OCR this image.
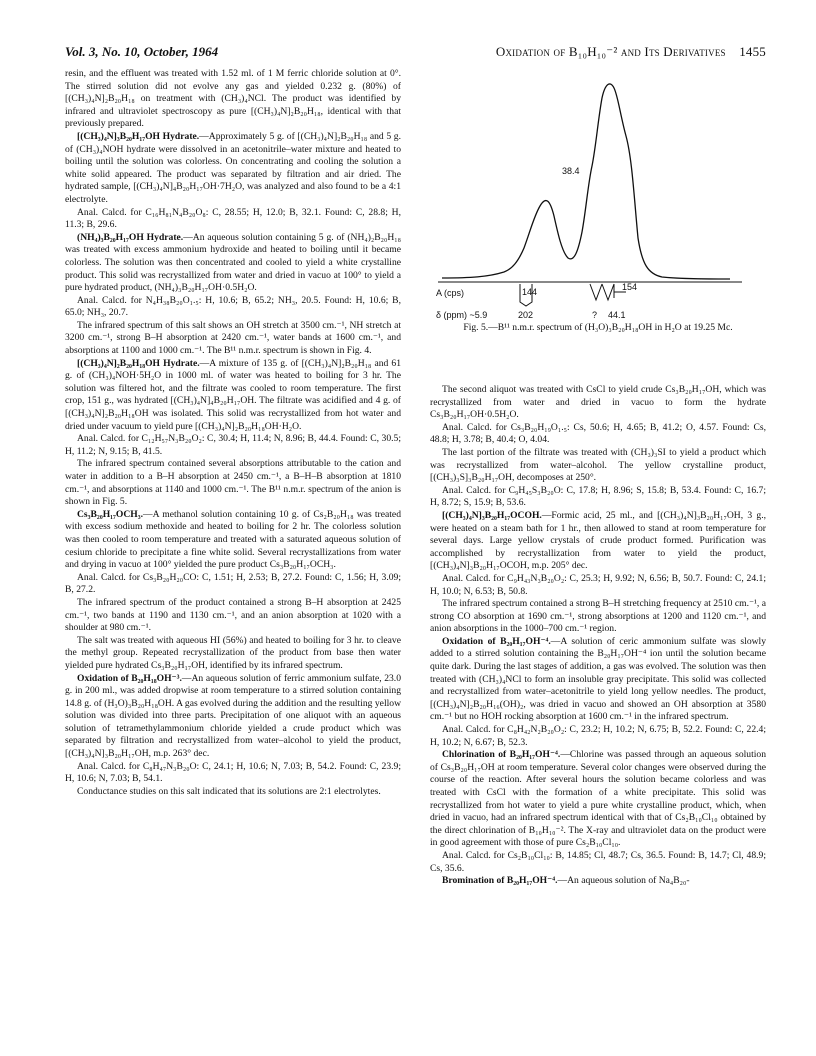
Vol. 3, No. 10, October, 1964	Oxidation of B₁₀H₁₀⁻² and Its Derivatives 1455

resin, and the effluent was treated with 1.52 ml. of 1 M ferric chloride solution at 0°. The stirred solution did not evolve any gas and yielded 0.232 g. (80%) of [(CH₃)₄N]₂B₂₀H₁₈ on treatment with (CH₃)₄NCl. The product was identified by infrared and ultraviolet spectroscopy as pure [(CH₃)₄N]₂B₂₀H₁₈, identical with that previously prepared.

[(CH₃)₄N]₃B₂₀H₁₇OH Hydrate.—Approximately 5 g. of [(CH₃)₄N]₂B₂₀H₁₈ and 5 g. of (CH₃)₄NOH hydrate were dissolved in an acetonitrile–water mixture and heated to boiling until the solution was colorless. On concentrating and cooling the solution a white solid appeared. The product was separated by filtration and air dried. The hydrated sample, [(CH₃)₄N]₄B₂₀H₁₇OH·7H₂O, was analyzed and also found to be a 4:1 electrolyte.

Anal. Calcd. for C₁₆H₈₁N₄B₂₀O₈: C, 28.55; H, 12.0; B, 32.1. Found: C, 28.8; H, 11.3; B, 29.6.

(NH₄)₃B₂₀H₁₇OH Hydrate.—An aqueous solution containing 5 g. of (NH₄)₂B₂₀H₁₈ was treated with excess ammonium hydroxide and heated to boiling until it became colorless. The solution was then concentrated and cooled to yield a white crystalline product. This solid was recrystallized from water and dried in vacuo at 100° to yield a pure hydrated product, (NH₄)₃B₂₀H₁₇OH·0.5H₂O.

Anal. Calcd. for N₄H₃₈B₂₀O₁.₅: H, 10.6; B, 65.2; NH₃, 20.5. Found: H, 10.6; B, 65.0; NH₃, 20.7.

The infrared spectrum of this salt shows an OH stretch at 3500 cm.⁻¹, NH stretch at 3200 cm.⁻¹, strong B–H absorption at 2420 cm.⁻¹, water bands at 1600 cm.⁻¹, and absorptions at 1100 and 1000 cm.⁻¹. The B¹¹ n.m.r. spectrum is shown in Fig. 4.

[(CH₃)₄N]₂B₂₀H₁₈OH Hydrate.—A mixture of 135 g. of [(CH₃)₄N]₂B₂₀H₁₈ and 61 g. of (CH₃)₄NOH·5H₂O in 1000 ml. of water was heated to boiling for 3 hr. The solution was filtered hot, and the filtrate was cooled to room temperature. The first crop, 151 g., was hydrated [(CH₃)₄N]₄B₂₀H₁₇OH. The filtrate was acidified and 4 g. of [(CH₃)₄N]₂B₂₀H₁₈OH was isolated. This solid was recrystallized from hot water and dried under vacuum to yield pure [(CH₃)₄N]₂B₂₀H₁₈OH·H₂O.

Anal. Calcd. for C₁₂H₅₇N₃B₂₀O₂: C, 30.4; H, 11.4; N, 8.96; B, 44.4. Found: C, 30.5; H, 11.2; N, 9.15; B, 41.5.

The infrared spectrum contained several absorptions attributable to the cation and water in addition to a B–H absorption at 2450 cm.⁻¹, a B–H–B absorption at 1810 cm.⁻¹, and absorptions at 1140 and 1000 cm.⁻¹. The B¹¹ n.m.r. spectrum of the anion is shown in Fig. 5.

Cs₃B₂₀H₁₇OCH₃.—A methanol solution containing 10 g. of Cs₂B₂₀H₁₈ was treated with excess sodium methoxide and heated to boiling for 2 hr. The colorless solution was then cooled to room temperature and treated with a saturated aqueous solution of cesium chloride to precipitate a fine white solid. Several recrystallizations from water and drying in vacuo at 100° yielded the pure product Cs₃B₂₀H₁₇OCH₃.

Anal. Calcd. for Cs₃B₂₀H₂₀CO: C, 1.51; H, 2.53; B, 27.2. Found: C, 1.56; H, 3.09; B, 27.2.

The infrared spectrum of the product contained a strong B–H absorption at 2425 cm.⁻¹, two bands at 1190 and 1130 cm.⁻¹, and an anion absorption at 1020 with a shoulder at 980 cm.⁻¹.

The salt was treated with aqueous HI (56%) and heated to boiling for 3 hr. to cleave the methyl group. Repeated recrystallization of the product from base then water yielded pure hydrated Cs₃B₂₀H₁₇OH, identified by its infrared spectrum.

Oxidation of B₂₀H₁₈OH⁻³.—An aqueous solution of ferric ammonium sulfate, 23.0 g. in 200 ml., was added dropwise at room temperature to a stirred solution containing 14.8 g. of (H₃O)₃B₂₀H₁₈OH. A gas evolved during the addition and the resulting yellow solution was divided into three parts. Precipitation of one aliquot with an aqueous solution of tetramethylammonium chloride yielded a crude product which was separated by filtration and recrystallized from water–alcohol to yield the product, [(CH₃)₄N]₃B₂₀H₁₇OH, m.p. 263° dec.

Anal. Calcd. for C₈H₄₇N₃B₂₀O: C, 24.1; H, 10.6; N, 7.03; B, 54.2. Found: C, 23.9; H, 10.6; N, 7.03; B, 54.1.

Conductance studies on this salt indicated that its solutions are 2:1 electrolytes.

38.4
A (cps)	144	154
δ (ppm) ~5.9	202	? 44.1
Fig. 5.—B¹¹ n.m.r. spectrum of (H₃O)₃B₂₀H₁₈OH in H₂O at 19.25 Mc.

The second aliquot was treated with CsCl to yield crude Cs₃B₂₀H₁₇OH, which was recrystallized from water and dried in vacuo to form the hydrate Cs₃B₂₀H₁₇OH·0.5H₂O.

Anal. Calcd. for Cs₃B₂₀H₁₉O₁.₅: Cs, 50.6; H, 4.65; B, 41.2; O, 4.57. Found: Cs, 48.8; H, 3.78; B, 40.4; O, 4.04.

The last portion of the filtrate was treated with (CH₃)₃SI to yield a product which was recrystallized from water–alcohol. The yellow crystalline product, [(CH₃)₃S]₃B₂₀H₁₇OH, decomposes at 250°.

Anal. Calcd. for C₉H₄₅S₃B₂₀O: C, 17.8; H, 8.96; S, 15.8; B, 53.4. Found: C, 16.7; H, 8.72; S, 15.9; B, 53.6.

[(CH₃)₄N]₃B₂₀H₁₇OCOH.—Formic acid, 25 ml., and [(CH₃)₄N]₃B₂₀H₁₇OH, 3 g., were heated on a steam bath for 1 hr., then allowed to stand at room temperature for several days. Large yellow crystals of crude product formed. Purification was accomplished by recrystallization from water to yield the product, [(CH₃)₄N]₃B₂₀H₁₇OCOH, m.p. 205° dec.

Anal. Calcd. for C₉H₄₃N₃B₂₀O₂: C, 25.3; H, 9.92; N, 6.56; B, 50.7. Found: C, 24.1; H, 10.0; N, 6.53; B, 50.8.

The infrared spectrum contained a strong B–H stretching frequency at 2510 cm.⁻¹, a strong CO absorption at 1690 cm.⁻¹, strong absorptions at 1200 and 1120 cm.⁻¹, and anion absorptions in the 1000–700 cm.⁻¹ region.

Oxidation of B₂₀H₁₇OH⁻⁴.—A solution of ceric ammonium sulfate was slowly added to a stirred solution containing the B₂₀H₁₇OH⁻⁴ ion until the solution became quite dark. During the last stages of addition, a gas was evolved. The solution was then treated with (CH₃)₄NCl to form an insoluble gray precipitate. This solid was collected and recrystallized from water–acetonitrile to yield long yellow needles. The product, [(CH₃)₄N]₂B₂₀H₁₆(OH)₂, was dried in vacuo and showed an OH absorption at 3580 cm.⁻¹ but no HOH rocking absorption at 1600 cm.⁻¹ in the infrared spectrum.

Anal. Calcd. for C₈H₄₂N₂B₂₀O₂: C, 23.2; H, 10.2; N, 6.75; B, 52.2. Found: C, 22.4; H, 10.2; N, 6.67; B, 52.3.

Chlorination of B₂₀H₁₇OH⁻⁴.—Chlorine was passed through an aqueous solution of Cs₃B₂₀H₁₇OH at room temperature. Several color changes were observed during the course of the reaction. After several hours the solution became colorless and was treated with CsCl with the formation of a white precipitate. This solid was recrystallized from hot water to yield a pure white crystalline product, which, when dried in vacuo, had an infrared spectrum identical with that of Cs₂B₁₀Cl₁₀ obtained by the direct chlorination of B₁₀H₁₀⁻². The X-ray and ultraviolet data on the product were in good agreement with those of pure Cs₂B₁₀Cl₁₀.

Anal. Calcd. for Cs₂B₁₀Cl₁₀: B, 14.85; Cl, 48.7; Cs, 36.5. Found: B, 14.7; Cl, 48.9; Cs, 35.6.

Bromination of B₂₀H₁₇OH⁻⁴.—An aqueous solution of Na₄B₂₀-
